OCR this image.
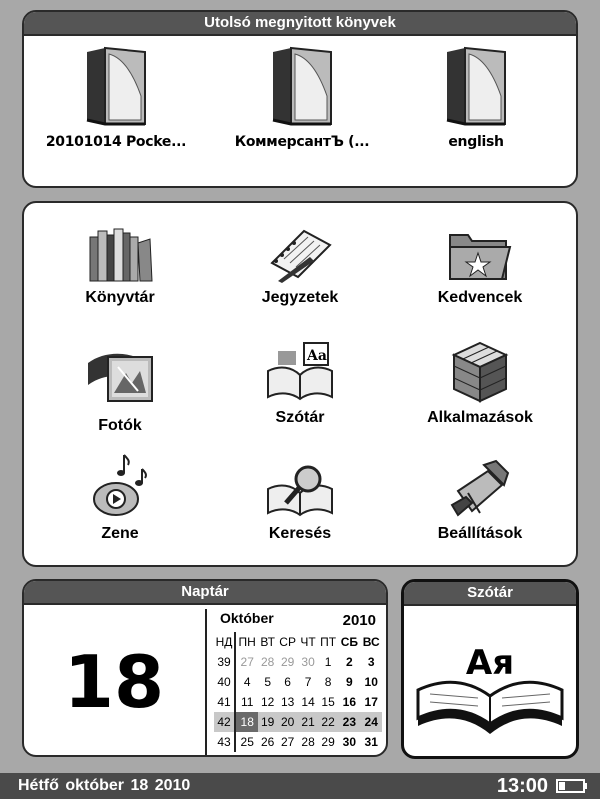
Utolsó megnyitott könyvek
20101014 Pocke...	КоммерсантЪ (...	english
Könyvtár	Jegyzetek	Kedvencek
Fotók
Aa
Szótár	Alkalmazások
Zene	Keresés	Beállítások
Naptár
18
Október	2010
НД	ПН	ВТ	СР	ЧТ	ПТ	СБ	ВС
39	27	28	29	30	1	2	3
40	4	5	6	7	8	9	10
41	11	12	13	14	15	16	17
42	18	19	20	21	22	23	24
43	25	26	27	28	29	30	31
Szótár
Ая
Hétfő október 18 2010	13:00
